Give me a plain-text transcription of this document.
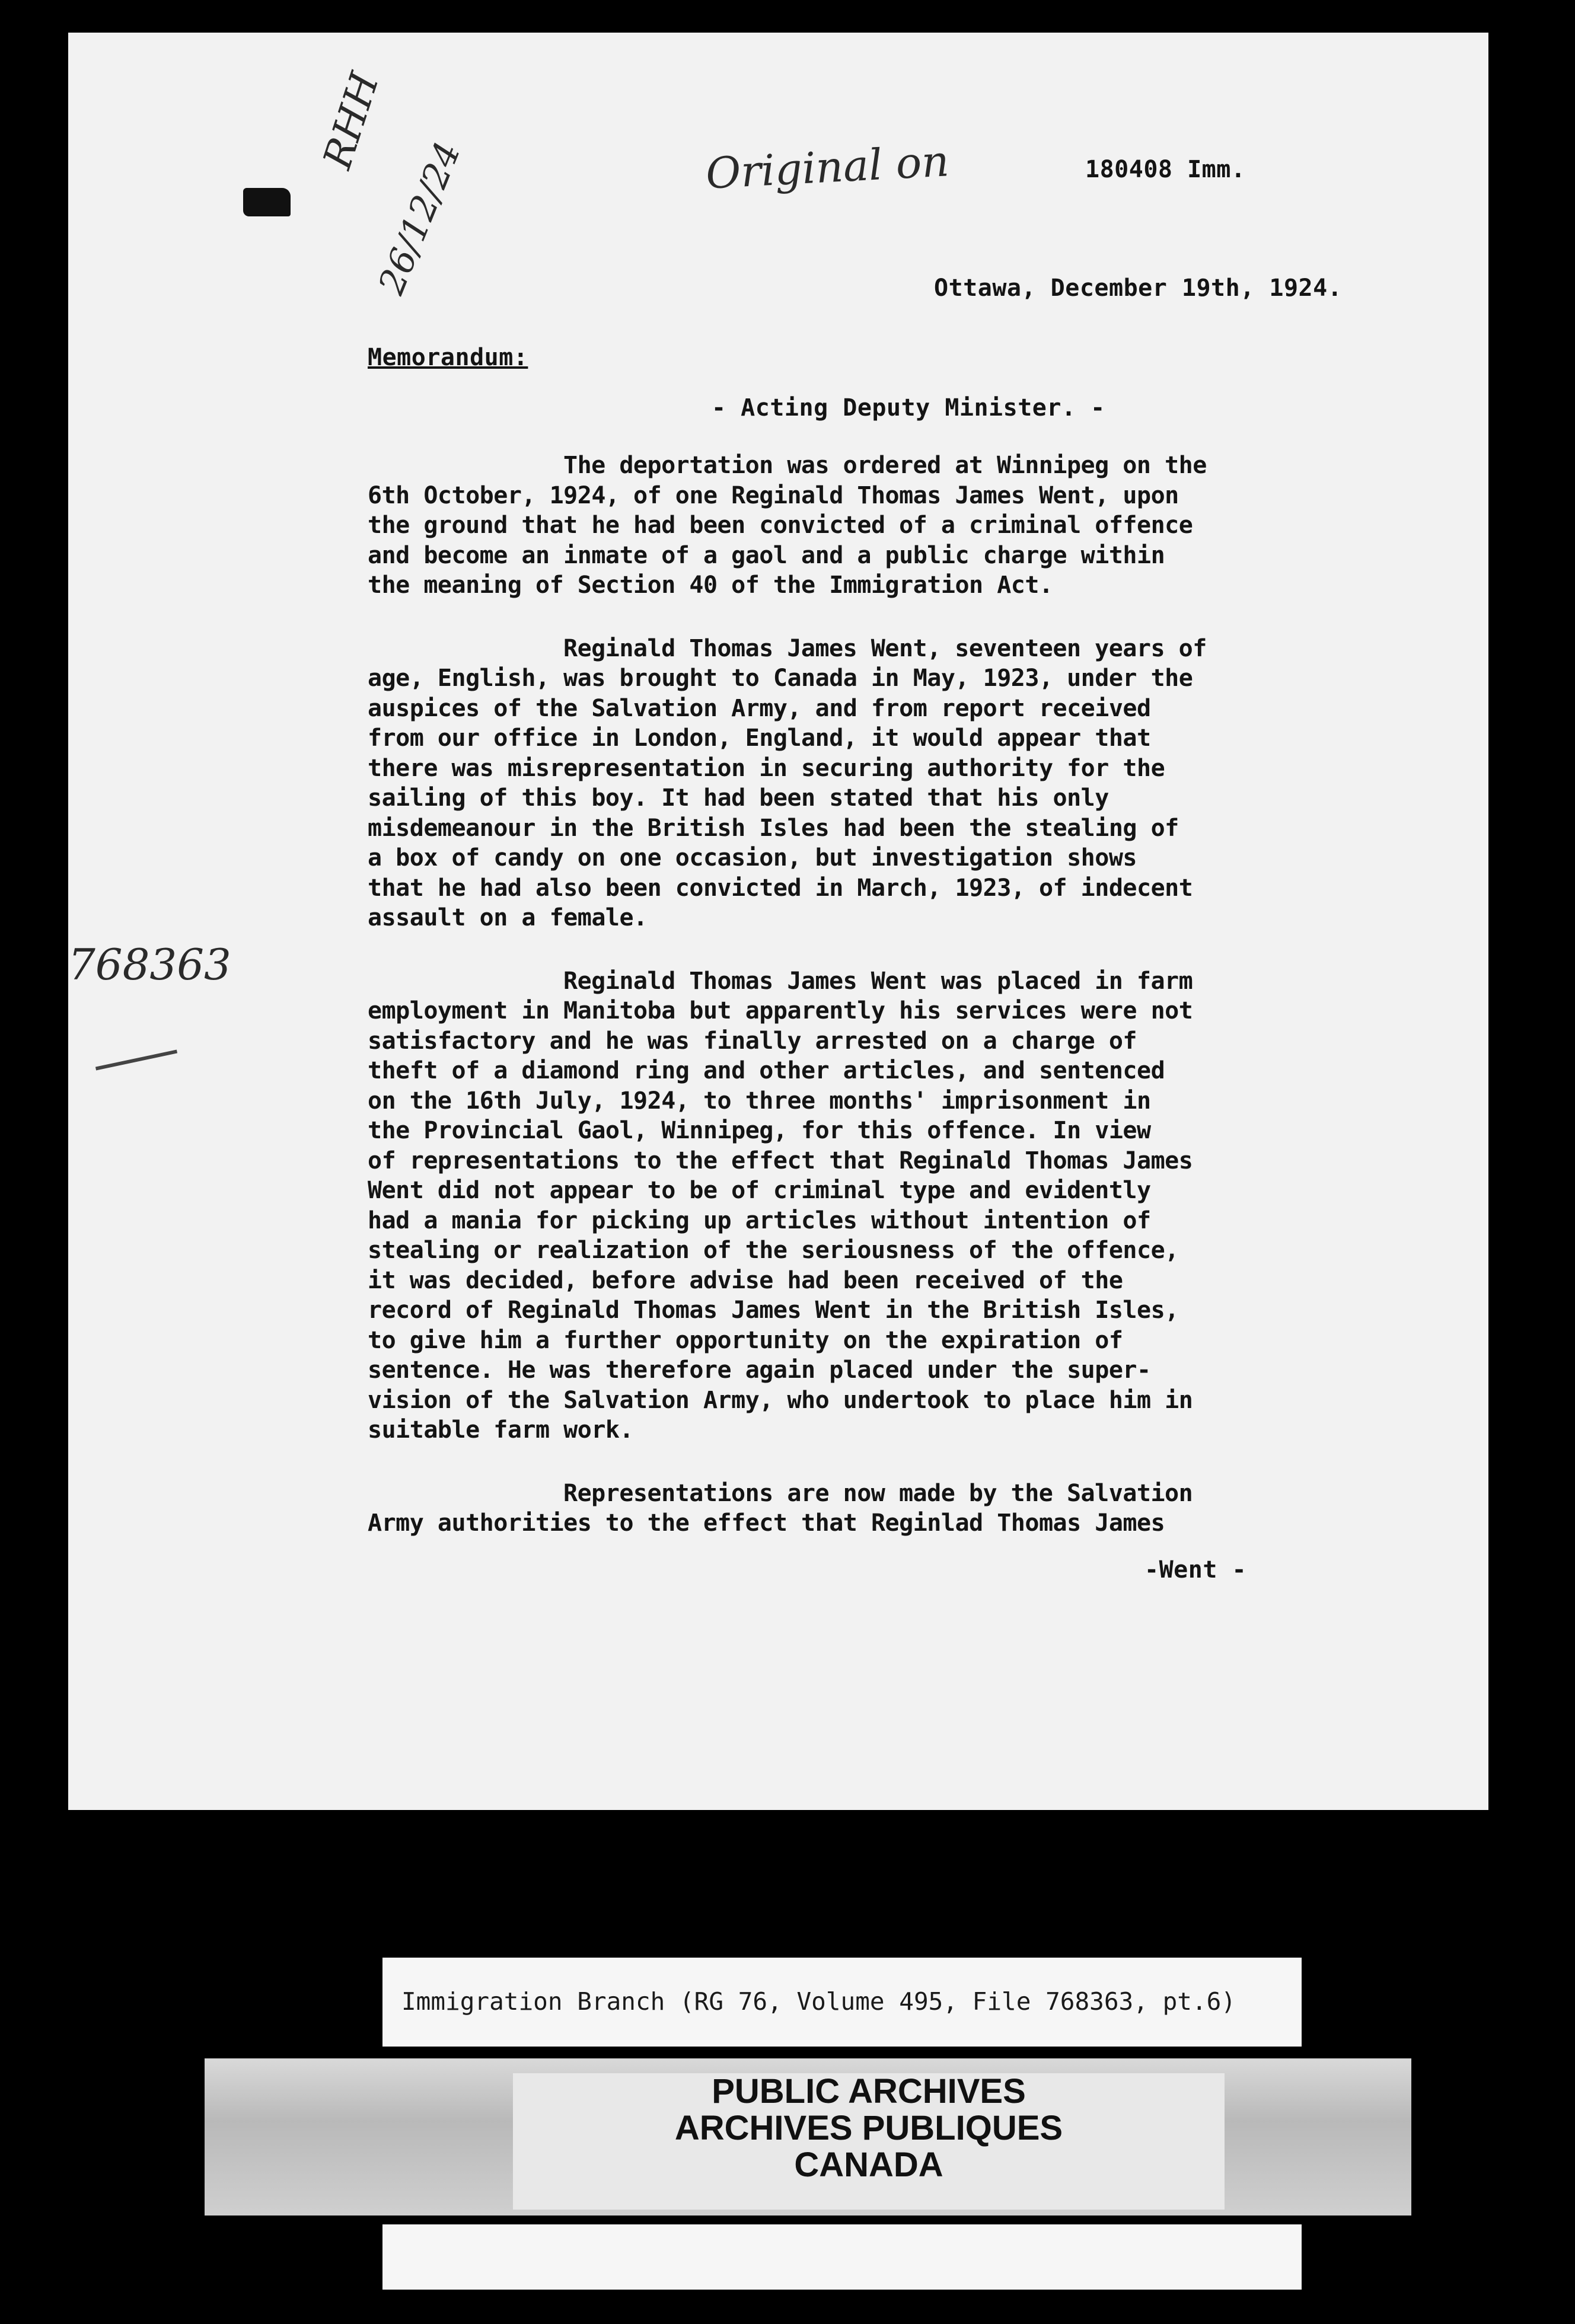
Original on
RHH
26/12/24
768363
180408 Imm.
Ottawa, December 19th, 1924.
Memorandum:
- Acting Deputy Minister. -
The deportation was ordered at Winnipeg on the
6th October, 1924, of one Reginald Thomas James Went, upon
the ground that he had been convicted of a criminal offence
and become an inmate of a gaol and a public charge within
the meaning of Section 40 of the Immigration Act.
Reginald Thomas James Went, seventeen years of
age, English, was brought to Canada in May, 1923, under the
auspices of the Salvation Army, and from report received
from our office in London, England, it would appear that
there was misrepresentation in securing authority for the
sailing of this boy. It had been stated that his only
misdemeanour in the British Isles had been the stealing of
a box of candy on one occasion, but investigation shows
that he had also been convicted in March, 1923, of indecent
assault on a female.
Reginald Thomas James Went was placed in farm
employment in Manitoba but apparently his services were not
satisfactory and he was finally arrested on a charge of
theft of a diamond ring and other articles, and sentenced
on the 16th July, 1924, to three months' imprisonment in
the Provincial Gaol, Winnipeg, for this offence. In view
of representations to the effect that Reginald Thomas James
Went did not appear to be of criminal type and evidently
had a mania for picking up articles without intention of
stealing or realization of the seriousness of the offence,
it was decided, before advise had been received of the
record of Reginald Thomas James Went in the British Isles,
to give him a further opportunity on the expiration of
sentence. He was therefore again placed under the super-
vision of the Salvation Army, who undertook to place him in
suitable farm work.
Representations are now made by the Salvation
Army authorities to the effect that Reginlad Thomas James
-Went -
Immigration Branch (RG 76, Volume 495, File 768363, pt.6)
PUBLIC ARCHIVES
ARCHIVES PUBLIQUES
CANADA
